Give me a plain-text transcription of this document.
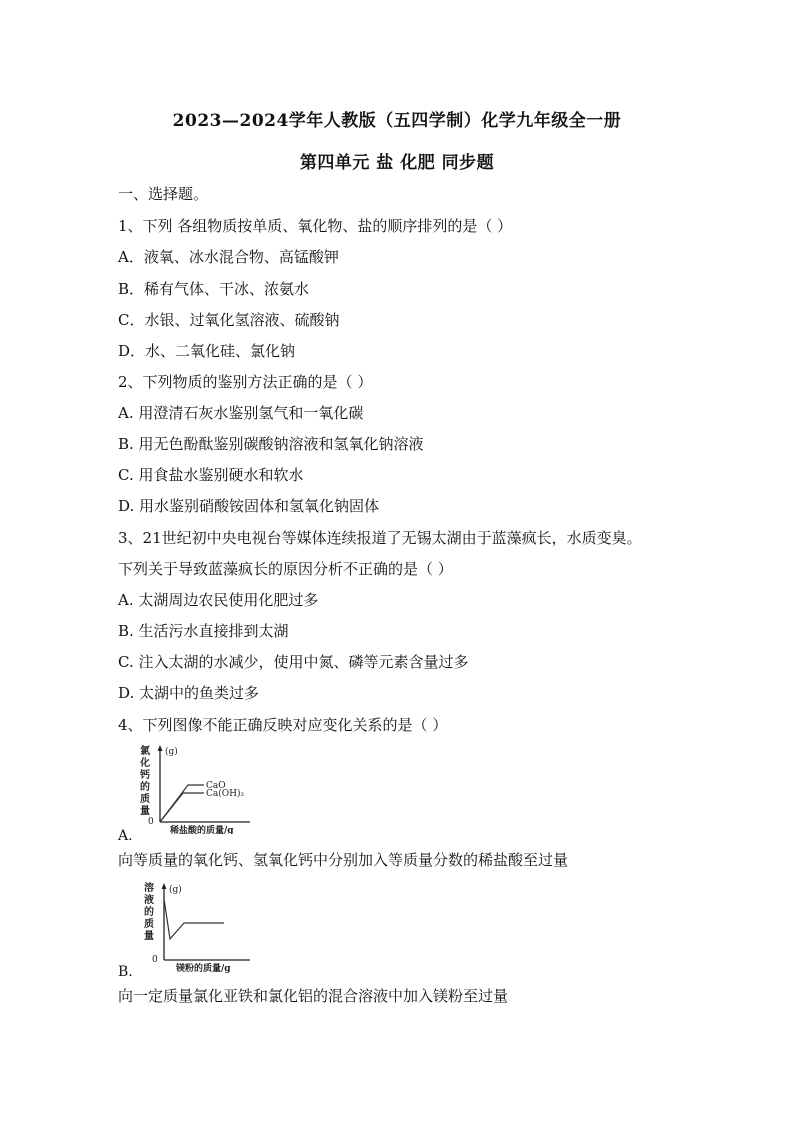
2023—2024学年人教版（五四学制）化学九年级全一册
第四单元 盐 化肥 同步题
一、选择题。
1、下列 各组物质按单质、氧化物、盐的顺序排列的是（ ）
A．液氧、冰水混合物、高锰酸钾
B．稀有气体、干冰、浓氨水
C．水银、过氧化氢溶液、硫酸钠
D．水、二氧化硅、氯化钠
2、下列物质的鉴别方法正确的是（ ）
A. 用澄清石灰水鉴别氢气和一氧化碳
B. 用无色酚酞鉴别碳酸钠溶液和氢氧化钠溶液
C. 用食盐水鉴别硬水和软水
D. 用水鉴别硝酸铵固体和氢氧化钠固体
3、21世纪初中央电视台等媒体连续报道了无锡太湖由于蓝藻疯长，水质变臭。
下列关于导致蓝藻疯长的原因分析不正确的是（ ）
A. 太湖周边农民使用化肥过多
B. 生活污水直接排到太湖
C. 注入太湖的水减少，使用中氮、磷等元素含量过多
D. 太湖中的鱼类过多
4、下列图像不能正确反映对应变化关系的是（ ）
氯
化
钙
的
质
量
(g)
0
CaO
Ca(OH)₂
稀盐酸的质量/g
A.
向等质量的氧化钙、氢氧化钙中分别加入等质量分数的稀盐酸至过量
溶
液
的
质
量
(g)
0
镁粉的质量/g
B.
向一定质量氯化亚铁和氯化铝的混合溶液中加入镁粉至过量
